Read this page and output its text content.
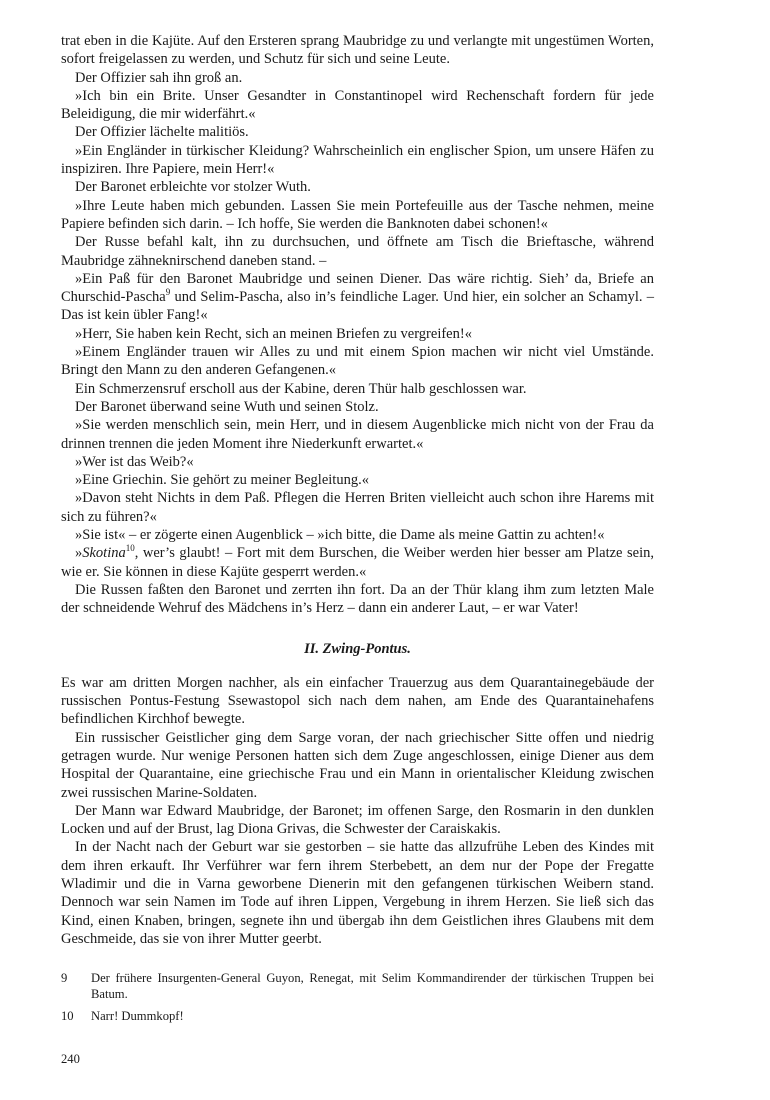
trat eben in die Kajüte. Auf den Ersteren sprang Maubridge zu und verlangte mit ungestümen Worten, sofort freigelassen zu werden, und Schutz für sich und seine Leute.

Der Offizier sah ihn groß an.

»Ich bin ein Brite. Unser Gesandter in Constantinopel wird Rechenschaft fordern für jede Beleidigung, die mir widerfährt.«

Der Offizier lächelte malitiös.

»Ein Engländer in türkischer Kleidung? Wahrscheinlich ein englischer Spion, um unsere Häfen zu inspiziren. Ihre Papiere, mein Herr!«

Der Baronet erbleichte vor stolzer Wuth.

»Ihre Leute haben mich gebunden. Lassen Sie mein Portefeuille aus der Tasche nehmen, meine Papiere befinden sich darin. – Ich hoffe, Sie werden die Banknoten dabei schonen!«

Der Russe befahl kalt, ihn zu durchsuchen, und öffnete am Tisch die Brieftasche, während Maubridge zähneknirschend daneben stand. –

»Ein Paß für den Baronet Maubridge und seinen Diener. Das wäre richtig. Sieh’ da, Briefe an Churschid-Pascha$^9$ und Selim-Pascha, also in’s feindliche Lager. Und hier, ein solcher an Schamyl. – Das ist kein übler Fang!«

»Herr, Sie haben kein Recht, sich an meinen Briefen zu vergreifen!«

»Einem Engländer trauen wir Alles zu und mit einem Spion machen wir nicht viel Umstände. Bringt den Mann zu den anderen Gefangenen.«

Ein Schmerzensruf erscholl aus der Kabine, deren Thür halb geschlossen war.

Der Baronet überwand seine Wuth und seinen Stolz.

»Sie werden menschlich sein, mein Herr, und in diesem Augenblicke mich nicht von der Frau da drinnen trennen die jeden Moment ihre Niederkunft erwartet.«

»Wer ist das Weib?«

»Eine Griechin. Sie gehört zu meiner Begleitung.«

»Davon steht Nichts in dem Paß. Pflegen die Herren Briten vielleicht auch schon ihre Harems mit sich zu führen?«

»Sie ist« – er zögerte einen Augenblick – »ich bitte, die Dame als meine Gattin zu achten!«

»Skotina$^{10}$, wer’s glaubt! – Fort mit dem Burschen, die Weiber werden hier besser am Platze sein, wie er. Sie können in diese Kajüte gesperrt werden.«

Die Russen faßten den Baronet und zerrten ihn fort. Da an der Thür klang ihm zum letzten Male der schneidende Wehruf des Mädchens in’s Herz – dann ein anderer Laut, – er war Vater!

II. Zwing-Pontus.

Es war am dritten Morgen nachher, als ein einfacher Trauerzug aus dem Quarantainegebäude der russischen Pontus-Festung Ssewastopol sich nach dem nahen, am Ende des Quarantainehafens befindlichen Kirchhof bewegte.

Ein russischer Geistlicher ging dem Sarge voran, der nach griechischer Sitte offen und niedrig getragen wurde. Nur wenige Personen hatten sich dem Zuge angeschlossen, einige Diener aus dem Hospital der Quarantaine, eine griechische Frau und ein Mann in orientalischer Kleidung zwischen zwei russischen Marine-Soldaten.

Der Mann war Edward Maubridge, der Baronet; im offenen Sarge, den Rosmarin in den dunklen Locken und auf der Brust, lag Diona Grivas, die Schwester der Caraiskakis.

In der Nacht nach der Geburt war sie gestorben – sie hatte das allzufrühe Leben des Kindes mit dem ihren erkauft. Ihr Verführer war fern ihrem Sterbebett, an dem nur der Pope der Fregatte Wladimir und die in Varna geworbene Dienerin mit den gefangenen türkischen Weibern stand. Dennoch war sein Namen im Tode auf ihren Lippen, Vergebung in ihrem Herzen. Sie ließ sich das Kind, einen Knaben, bringen, segnete ihn und übergab ihn dem Geistlichen ihres Glaubens mit dem Geschmeide, das sie von ihrer Mutter geerbt.

9	Der frühere Insurgenten-General Guyon, Renegat, mit Selim Kommandirender der türkischen Truppen bei Batum.
10	Narr! Dummkopf!
240
